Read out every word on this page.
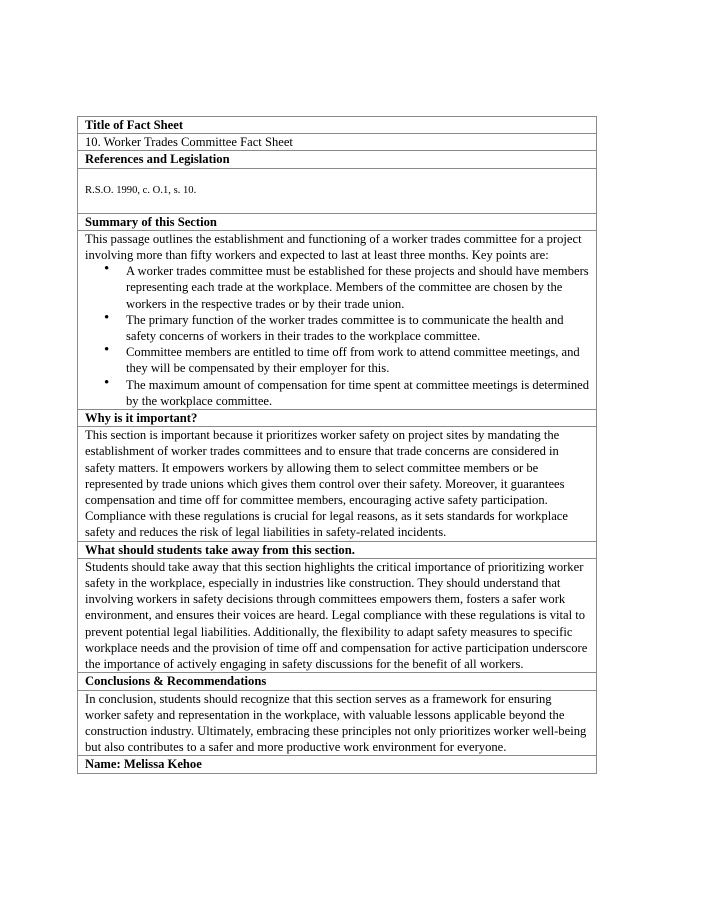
Title of Fact Sheet
10. Worker Trades Committee Fact Sheet
References and Legislation
R.S.O. 1990, c. O.1, s. 10.
Summary of this Section
This passage outlines the establishment and functioning of a worker trades committee for a project involving more than fifty workers and expected to last at least three months. Key points are:
• A worker trades committee must be established for these projects and should have members representing each trade at the workplace. Members of the committee are chosen by the workers in the respective trades or by their trade union.
• The primary function of the worker trades committee is to communicate the health and safety concerns of workers in their trades to the workplace committee.
• Committee members are entitled to time off from work to attend committee meetings, and they will be compensated by their employer for this.
• The maximum amount of compensation for time spent at committee meetings is determined by the workplace committee.
Why is it important?
This section is important because it prioritizes worker safety on project sites by mandating the establishment of worker trades committees and to ensure that trade concerns are considered in safety matters. It empowers workers by allowing them to select committee members or be represented by trade unions which gives them control over their safety. Moreover, it guarantees compensation and time off for committee members, encouraging active safety participation. Compliance with these regulations is crucial for legal reasons, as it sets standards for workplace safety and reduces the risk of legal liabilities in safety-related incidents.
What should students take away from this section.
Students should take away that this section highlights the critical importance of prioritizing worker safety in the workplace, especially in industries like construction. They should understand that involving workers in safety decisions through committees empowers them, fosters a safer work environment, and ensures their voices are heard. Legal compliance with these regulations is vital to prevent potential legal liabilities. Additionally, the flexibility to adapt safety measures to specific workplace needs and the provision of time off and compensation for active participation underscore the importance of actively engaging in safety discussions for the benefit of all workers.
Conclusions & Recommendations
In conclusion, students should recognize that this section serves as a framework for ensuring worker safety and representation in the workplace, with valuable lessons applicable beyond the construction industry. Ultimately, embracing these principles not only prioritizes worker well-being but also contributes to a safer and more productive work environment for everyone.
Name: Melissa Kehoe
